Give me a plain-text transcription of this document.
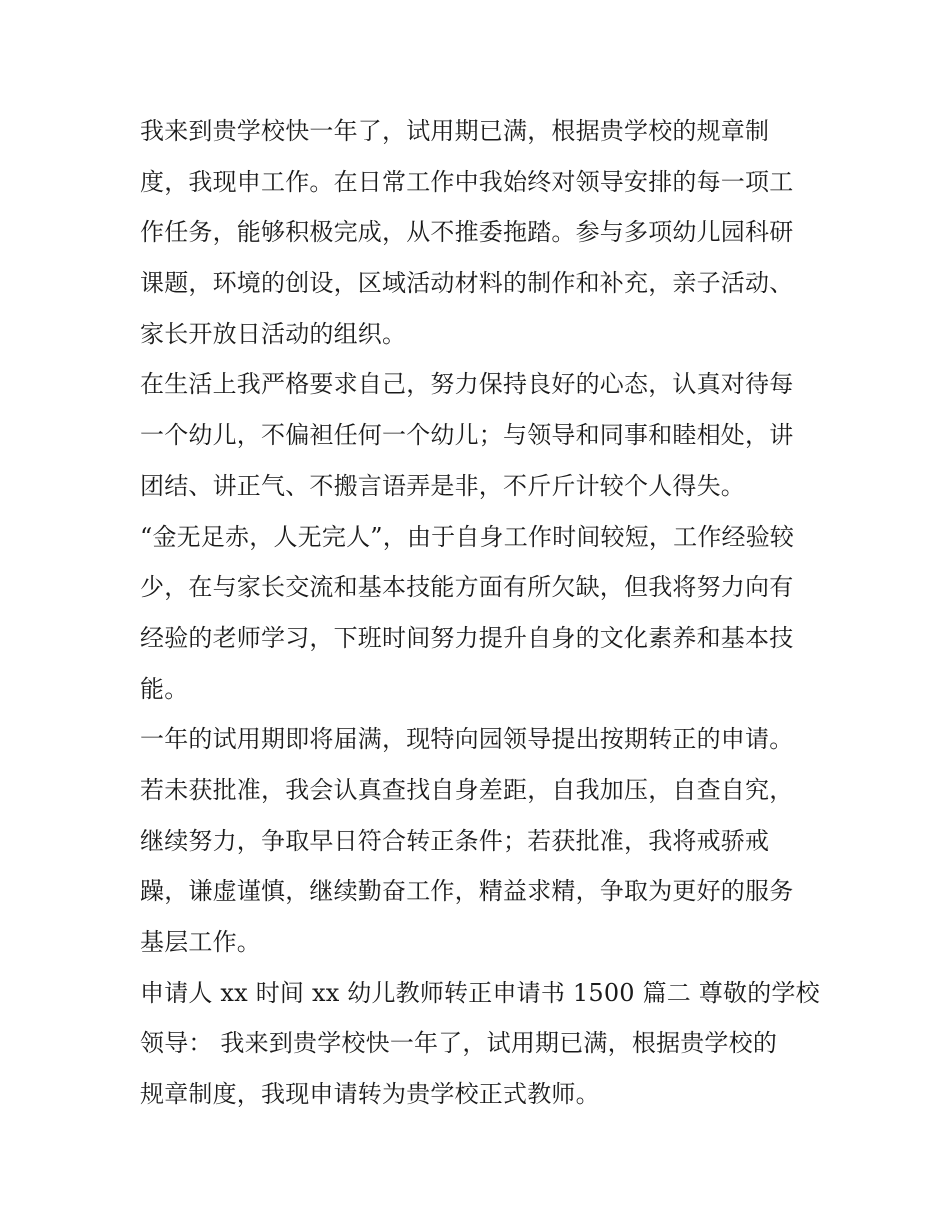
我来到贵学校快一年了，试用期已满，根据贵学校的规章制
度，我现申工作。在日常工作中我始终对领导安排的每一项工
作任务，能够积极完成，从不推委拖踏。参与多项幼儿园科研
课题，环境的创设，区域活动材料的制作和补充，亲子活动、
家长开放日活动的组织。

在生活上我严格要求自己，努力保持良好的心态，认真对待每
一个幼儿，不偏袒任何一个幼儿；与领导和同事和睦相处，讲
团结、讲正气、不搬言语弄是非，不斤斤计较个人得失。

“金无足赤，人无完人”，由于自身工作时间较短，工作经验较
少，在与家长交流和基本技能方面有所欠缺，但我将努力向有
经验的老师学习，下班时间努力提升自身的文化素养和基本技
能。

一年的试用期即将届满，现特向园领导提出按期转正的申请。
若未获批准，我会认真查找自身差距，自我加压，自查自究，
继续努力，争取早日符合转正条件；若获批准，我将戒骄戒
躁，谦虚谨慎，继续勤奋工作，精益求精，争取为更好的服务
基层工作。

申请人 xx 时间 xx 幼儿教师转正申请书 1500 篇二 尊敬的学校
领导： 我来到贵学校快一年了，试用期已满，根据贵学校的
规章制度，我现申请转为贵学校正式教师。
